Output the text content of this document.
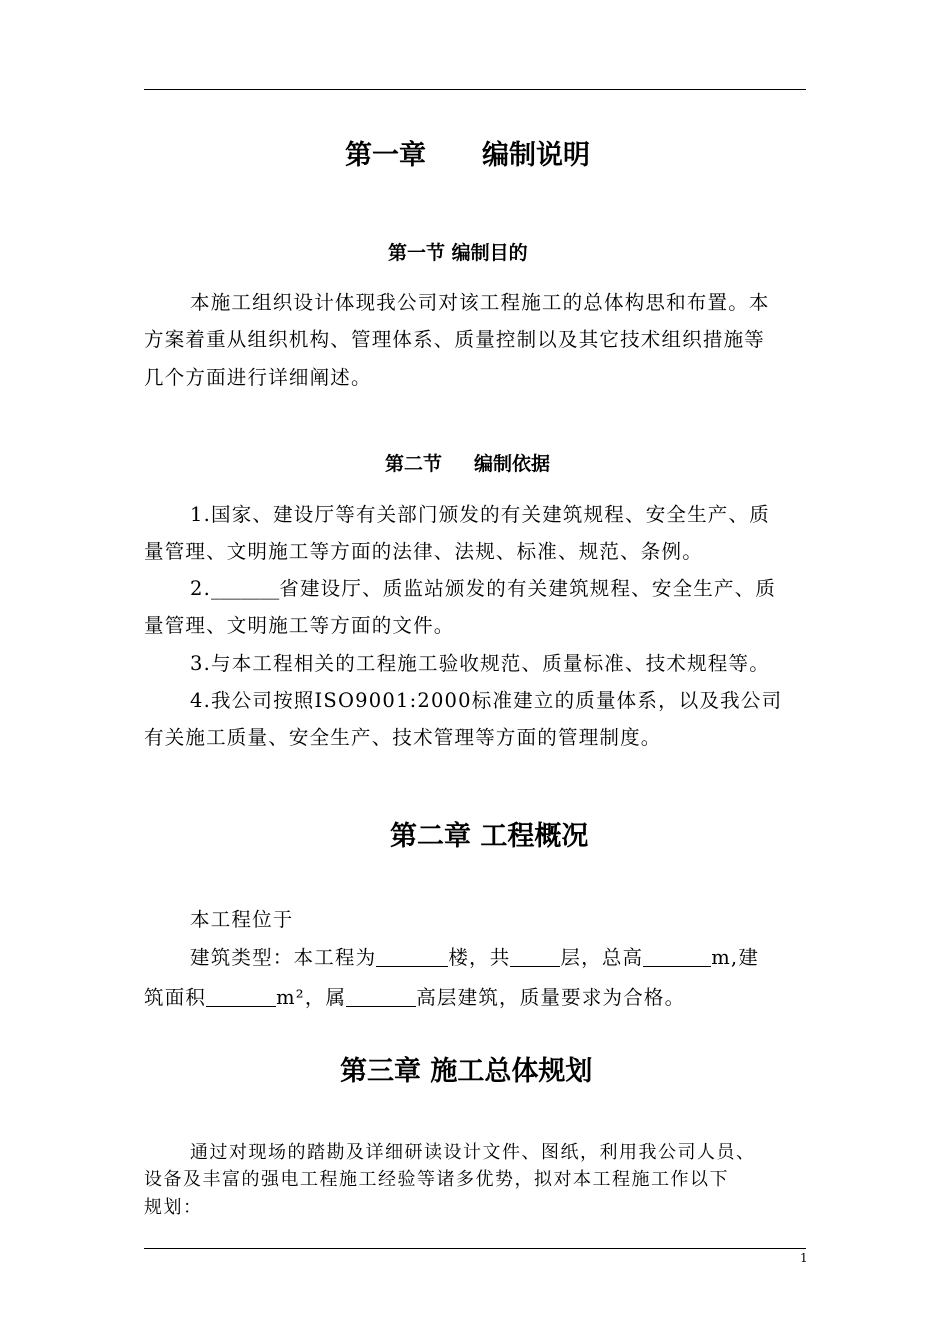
第一章 编制说明
第一节 编制目的
本施工组织设计体现我公司对该工程施工的总体构思和布置。本
方案着重从组织机构、管理体系、质量控制以及其它技术组织措施等
几个方面进行详细阐述。
第二节 编制依据
1.国家、建设厅等有关部门颁发的有关建筑规程、安全生产、质
量管理、文明施工等方面的法律、法规、标准、规范、条例。
2._______省建设厅、质监站颁发的有关建筑规程、安全生产、质
量管理、文明施工等方面的文件。
3.与本工程相关的工程施工验收规范、质量标准、技术规程等。
4.我公司按照ISO9001:2000标准建立的质量体系，以及我公司
有关施工质量、安全生产、技术管理等方面的管理制度。
第二章 工程概况
本工程位于
建筑类型：本工程为	楼，共	层，总高	m,建
筑面积	m²，属	高层建筑，质量要求为合格。
第三章 施工总体规划
通过对现场的踏勘及详细研读设计文件、图纸，利用我公司人员、
设备及丰富的强电工程施工经验等诸多优势，拟对本工程施工作以下
规划：
1
